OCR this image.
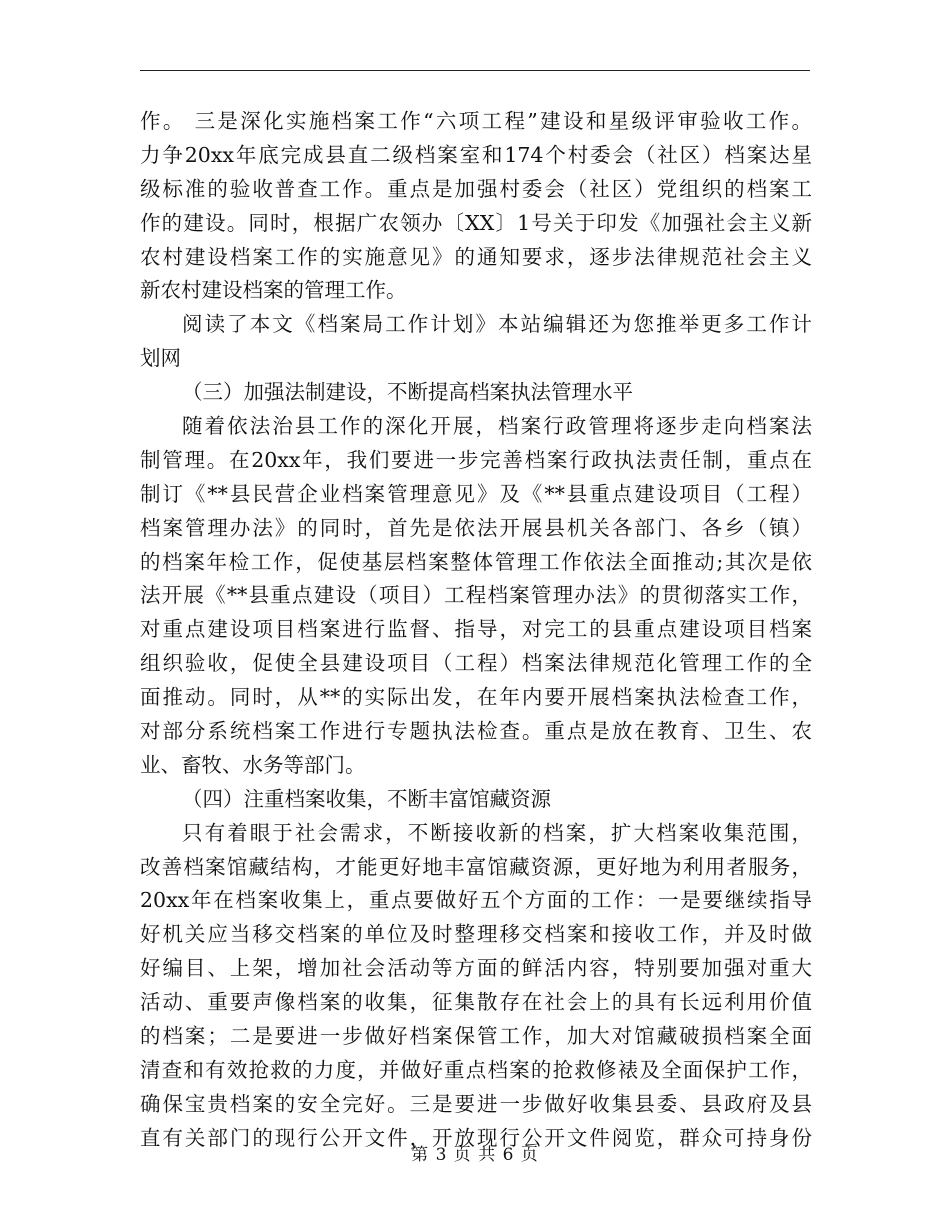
作。 三是深化实施档案工作“六项工程”建设和星级评审验收工作。
力争20xx年底完成县直二级档案室和174个村委会（社区）档案达星
级标准的验收普查工作。重点是加强村委会（社区）党组织的档案工
作的建设。同时，根据广农领办〔XX〕1号关于印发《加强社会主义新
农村建设档案工作的实施意见》的通知要求，逐步法律规范社会主义
新农村建设档案的管理工作。
阅读了本文《档案局工作计划》本站编辑还为您推举更多工作计
划网
（三）加强法制建设，不断提高档案执法管理水平
随着依法治县工作的深化开展，档案行政管理将逐步走向档案法
制管理。在20xx年，我们要进一步完善档案行政执法责任制，重点在
制订《**县民营企业档案管理意见》及《**县重点建设项目（工程）
档案管理办法》的同时，首先是依法开展县机关各部门、各乡（镇）
的档案年检工作，促使基层档案整体管理工作依法全面推动;其次是依
法开展《**县重点建设（项目）工程档案管理办法》的贯彻落实工作，
对重点建设项目档案进行监督、指导，对完工的县重点建设项目档案
组织验收，促使全县建设项目（工程）档案法律规范化管理工作的全
面推动。同时，从**的实际出发，在年内要开展档案执法检查工作，
对部分系统档案工作进行专题执法检查。重点是放在教育、卫生、农
业、畜牧、水务等部门。
（四）注重档案收集，不断丰富馆藏资源
只有着眼于社会需求，不断接收新的档案，扩大档案收集范围，
改善档案馆藏结构，才能更好地丰富馆藏资源，更好地为利用者服务，
20xx年在档案收集上，重点要做好五个方面的工作：一是要继续指导
好机关应当移交档案的单位及时整理移交档案和接收工作，并及时做
好编目、上架，增加社会活动等方面的鲜活内容，特别要加强对重大
活动、重要声像档案的收集，征集散存在社会上的具有长远利用价值
的档案；二是要进一步做好档案保管工作，加大对馆藏破损档案全面
清查和有效抢救的力度，并做好重点档案的抢救修裱及全面保护工作，
确保宝贵档案的安全完好。三是要进一步做好收集县委、县政府及县
直有关部门的现行公开文件，开放现行公开文件阅览，群众可持身份
第 3 页 共 6 页
